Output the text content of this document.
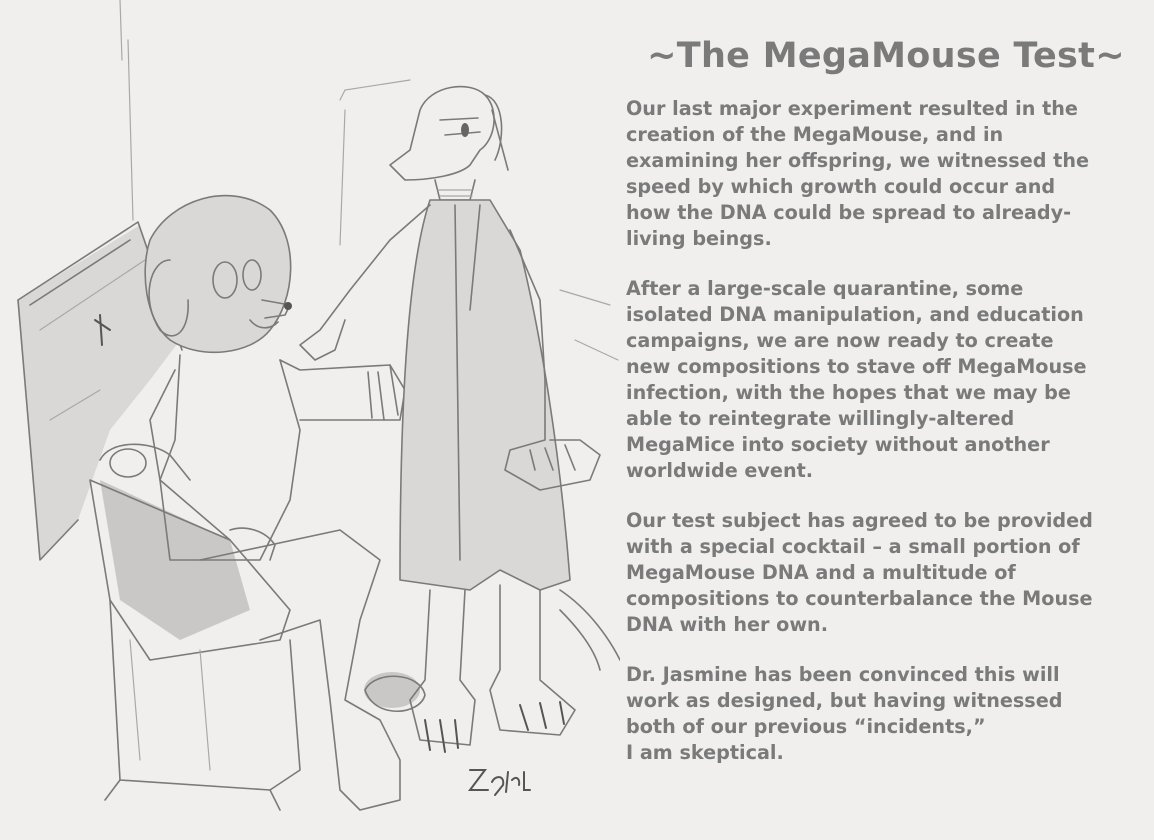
~The MegaMouse Test~
Our last major experiment resulted in the
creation of the MegaMouse, and in
examining her offspring, we witnessed the
speed by which growth could occur and
how the DNA could be spread to already-
living beings.
After a large-scale quarantine, some
isolated DNA manipulation, and education
campaigns, we are now ready to create
new compositions to stave off MegaMouse
infection, with the hopes that we may be
able to reintegrate willingly-altered
MegaMice into society without another
worldwide event.
Our test subject has agreed to be provided
with a special cocktail – a small portion of
MegaMouse DNA and a multitude of
compositions to counterbalance the Mouse
DNA with her own.
Dr. Jasmine has been convinced this will
work as designed, but having witnessed
both of our previous “incidents,”
I am skeptical.
